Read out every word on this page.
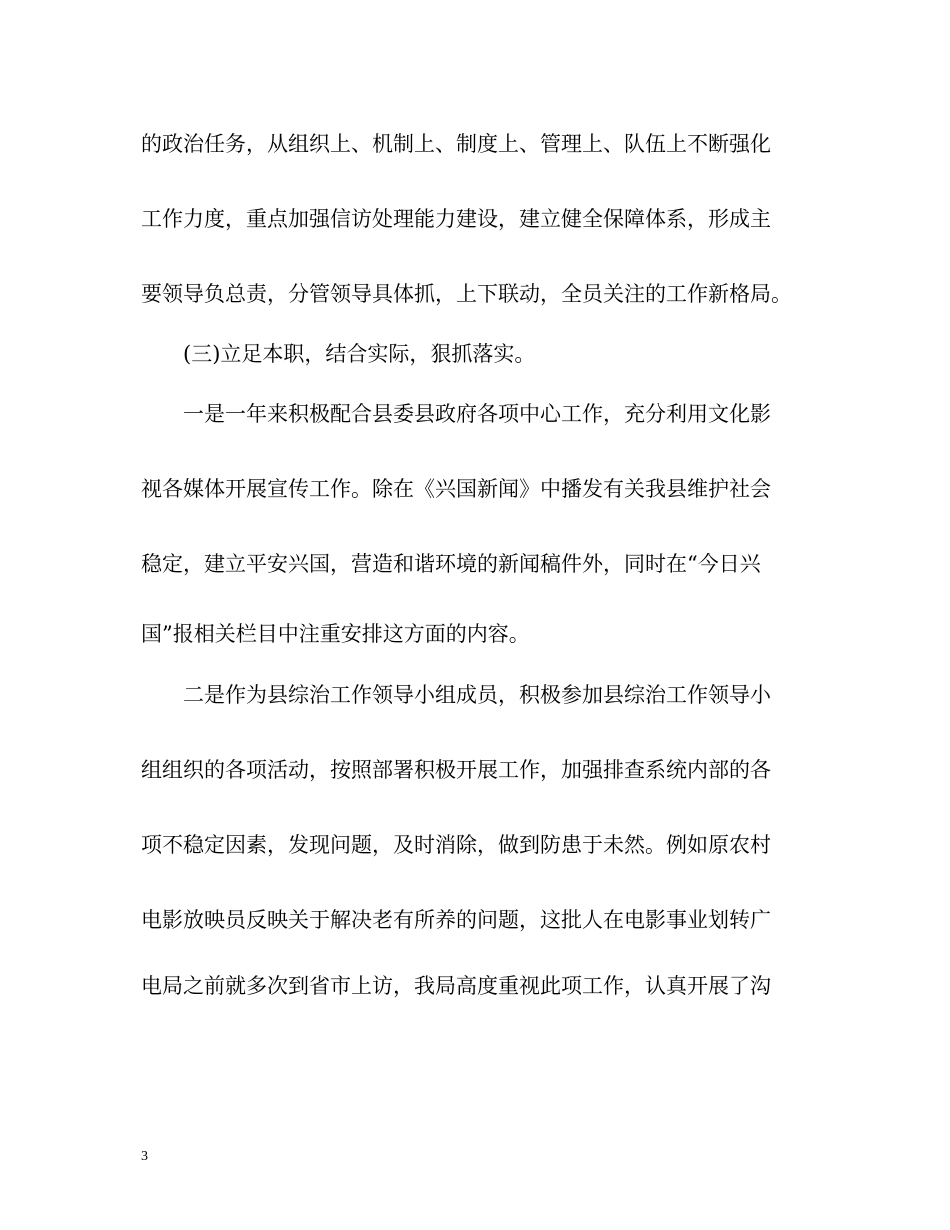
的政治任务，从组织上、机制上、制度上、管理上、队伍上不断强化
工作力度，重点加强信访处理能力建设，建立健全保障体系，形成主
要领导负总责，分管领导具体抓，上下联动，全员关注的工作新格局。
(三)立足本职，结合实际，狠抓落实。
一是一年来积极配合县委县政府各项中心工作，充分利用文化影
视各媒体开展宣传工作。除在《兴国新闻》中播发有关我县维护社会
稳定，建立平安兴国，营造和谐环境的新闻稿件外，同时在“今日兴
国”报相关栏目中注重安排这方面的内容。
二是作为县综治工作领导小组成员，积极参加县综治工作领导小
组组织的各项活动，按照部署积极开展工作，加强排查系统内部的各
项不稳定因素，发现问题，及时消除，做到防患于未然。例如原农村
电影放映员反映关于解决老有所养的问题，这批人在电影事业划转广
电局之前就多次到省市上访，我局高度重视此项工作，认真开展了沟
3
